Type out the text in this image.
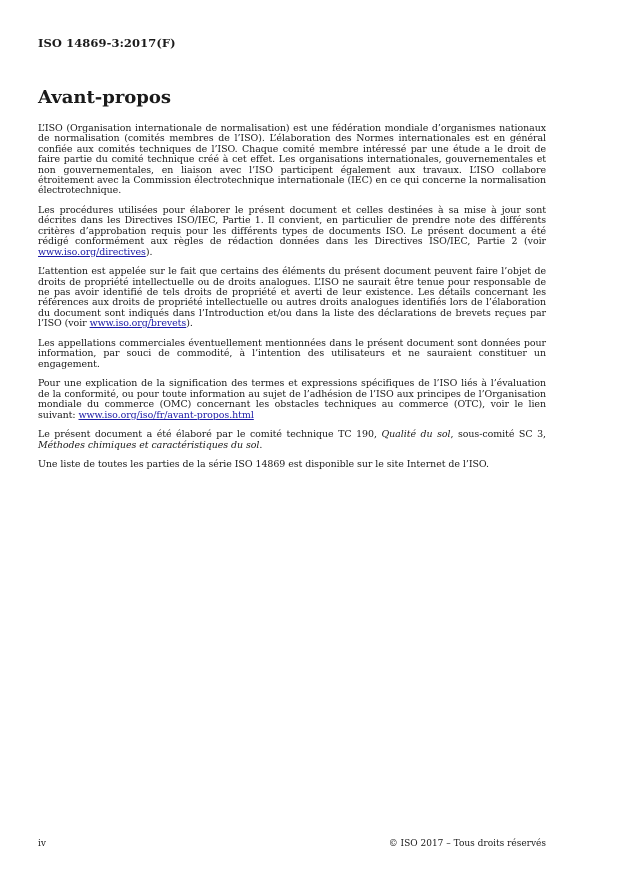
ISO 14869-3:2017(F)
Avant-propos

L’ISO (Organisation internationale de normalisation) est une fédération mondiale d’organismes nationaux de normalisation (comités membres de l’ISO). L’élaboration des Normes internationales est en général confiée aux comités techniques de l’ISO. Chaque comité membre intéressé par une étude a le droit de faire partie du comité technique créé à cet effet. Les organisations internationales, gouvernementales et non gouvernementales, en liaison avec l’ISO participent également aux travaux. L’ISO collabore étroitement avec la Commission électrotechnique internationale (IEC) en ce qui concerne la normalisation électrotechnique.

Les procédures utilisées pour élaborer le présent document et celles destinées à sa mise à jour sont décrites dans les Directives ISO/IEC, Partie 1. Il convient, en particulier de prendre note des différents critères d’approbation requis pour les différents types de documents ISO. Le présent document a été rédigé conformément aux règles de rédaction données dans les Directives ISO/IEC, Partie 2 (voir www.iso.org/directives).

L’attention est appelée sur le fait que certains des éléments du présent document peuvent faire l’objet de droits de propriété intellectuelle ou de droits analogues. L’ISO ne saurait être tenue pour responsable de ne pas avoir identifié de tels droits de propriété et averti de leur existence. Les détails concernant les références aux droits de propriété intellectuelle ou autres droits analogues identifiés lors de l’élaboration du document sont indiqués dans l’Introduction et/ou dans la liste des déclarations de brevets reçues par l’ISO (voir www.iso.org/brevets).

Les appellations commerciales éventuellement mentionnées dans le présent document sont données pour information, par souci de commodité, à l’intention des utilisateurs et ne sauraient constituer un engagement.

Pour une explication de la signification des termes et expressions spécifiques de l’ISO liés à l’évaluation de la conformité, ou pour toute information au sujet de l’adhésion de l’ISO aux principes de l’Organisation mondiale du commerce (OMC) concernant les obstacles techniques au commerce (OTC), voir le lien suivant: www.iso.org/iso/fr/avant-propos.html

Le présent document a été élaboré par le comité technique TC 190, Qualité du sol, sous-comité SC 3, Méthodes chimiques et caractéristiques du sol.

Une liste de toutes les parties de la série ISO 14869 est disponible sur le site Internet de l’ISO.

iv	© ISO 2017 – Tous droits réservés
